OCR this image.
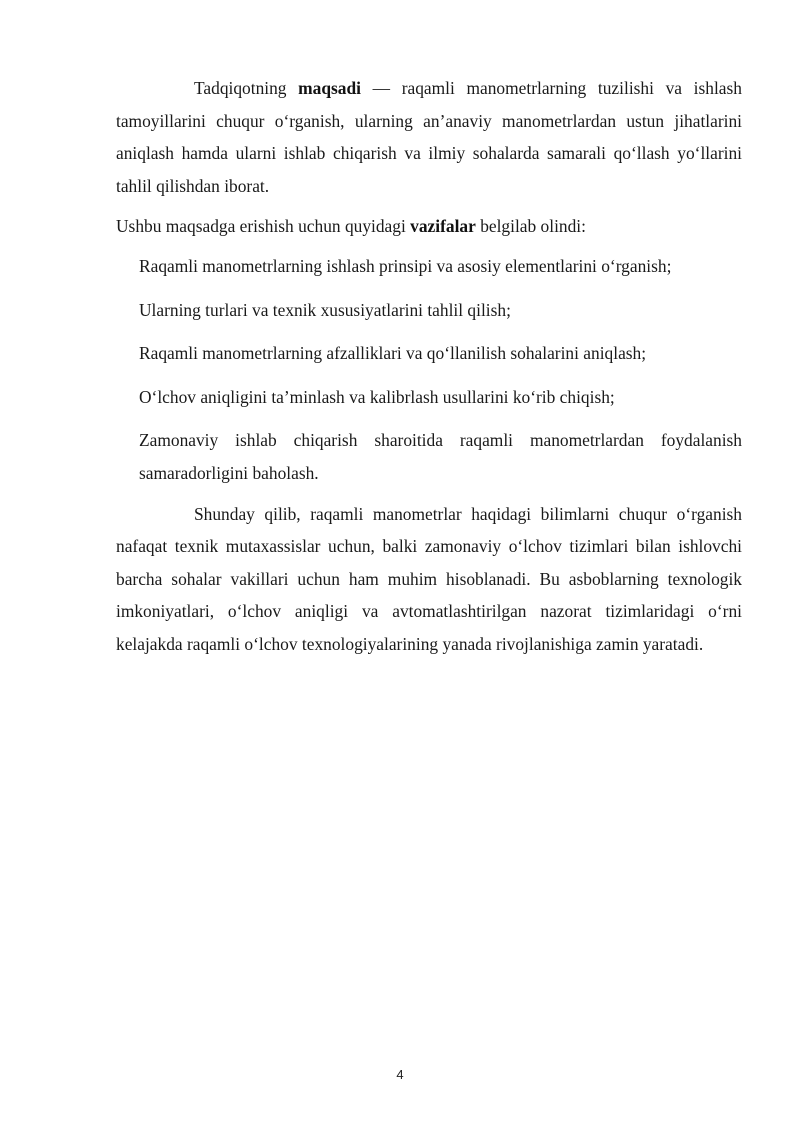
Tadqiqotning maqsadi — raqamli manometrlarning tuzilishi va ishlash tamoyillarini chuqur o‘rganish, ularning an’anaviy manometrlardan ustun jihatlarini aniqlash hamda ularni ishlab chiqarish va ilmiy sohalarda samarali qo‘llash yo‘llarini tahlil qilishdan iborat.

Ushbu maqsadga erishish uchun quyidagi vazifalar belgilab olindi:

Raqamli manometrlarning ishlash prinsipi va asosiy elementlarini o‘rganish;
Ularning turlari va texnik xususiyatlarini tahlil qilish;
Raqamli manometrlarning afzalliklari va qo‘llanilish sohalarini aniqlash;
O‘lchov aniqligini ta’minlash va kalibrlash usullarini ko‘rib chiqish;
Zamonaviy ishlab chiqarish sharoitida raqamli manometrlardan foydalanish samaradorligini baholash.

Shunday qilib, raqamli manometrlar haqidagi bilimlarni chuqur o‘rganish nafaqat texnik mutaxassislar uchun, balki zamonaviy o‘lchov tizimlari bilan ishlovchi barcha sohalar vakillari uchun ham muhim hisoblanadi. Bu asboblarning texnologik imkoniyatlari, o‘lchov aniqligi va avtomatlashtirilgan nazorat tizimlaridagi o‘rni kelajakda raqamli o‘lchov texnologiyalarining yanada rivojlanishiga zamin yaratadi.

4
